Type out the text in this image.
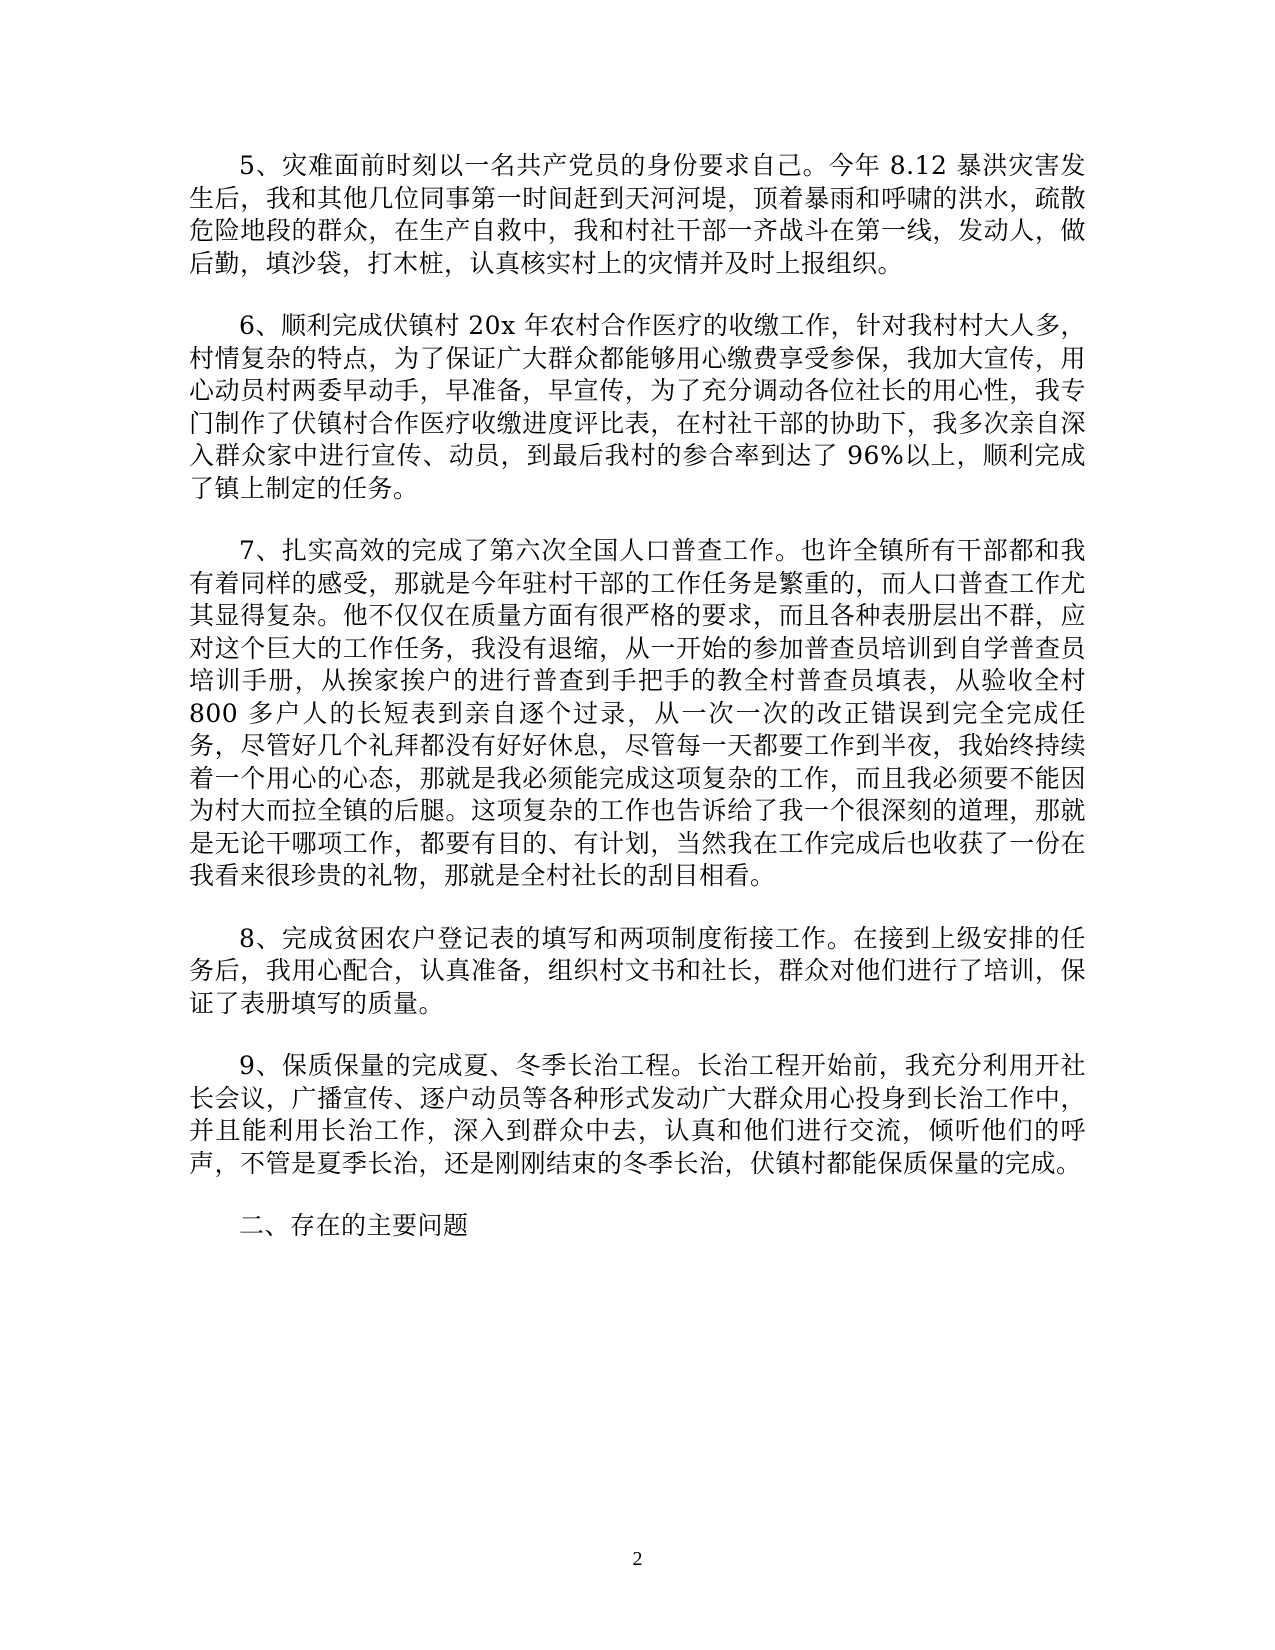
5、灾难面前时刻以一名共产党员的身份要求自己。今年 8.12 暴洪灾害发生后，我和其他几位同事第一时间赶到天河河堤，顶着暴雨和呼啸的洪水，疏散危险地段的群众，在生产自救中，我和村社干部一齐战斗在第一线，发动人，做后勤，填沙袋，打木桩，认真核实村上的灾情并及时上报组织。

6、顺利完成伏镇村 20x 年农村合作医疗的收缴工作，针对我村村大人多，村情复杂的特点，为了保证广大群众都能够用心缴费享受参保，我加大宣传，用心动员村两委早动手，早准备，早宣传，为了充分调动各位社长的用心性，我专门制作了伏镇村合作医疗收缴进度评比表，在村社干部的协助下，我多次亲自深入群众家中进行宣传、动员，到最后我村的参合率到达了 96%以上，顺利完成了镇上制定的任务。

7、扎实高效的完成了第六次全国人口普查工作。也许全镇所有干部都和我有着同样的感受，那就是今年驻村干部的工作任务是繁重的，而人口普查工作尤其显得复杂。他不仅仅在质量方面有很严格的要求，而且各种表册层出不群，应对这个巨大的工作任务，我没有退缩，从一开始的参加普查员培训到自学普查员培训手册，从挨家挨户的进行普查到手把手的教全村普查员填表，从验收全村 800 多户人的长短表到亲自逐个过录，从一次一次的改正错误到完全完成任务，尽管好几个礼拜都没有好好休息，尽管每一天都要工作到半夜，我始终持续着一个用心的心态，那就是我必须能完成这项复杂的工作，而且我必须要不能因为村大而拉全镇的后腿。这项复杂的工作也告诉给了我一个很深刻的道理，那就是无论干哪项工作，都要有目的、有计划，当然我在工作完成后也收获了一份在我看来很珍贵的礼物，那就是全村社长的刮目相看。

8、完成贫困农户登记表的填写和两项制度衔接工作。在接到上级安排的任务后，我用心配合，认真准备，组织村文书和社长，群众对他们进行了培训，保证了表册填写的质量。

9、保质保量的完成夏、冬季长治工程。长治工程开始前，我充分利用开社长会议，广播宣传、逐户动员等各种形式发动广大群众用心投身到长治工作中，并且能利用长治工作，深入到群众中去，认真和他们进行交流，倾听他们的呼声，不管是夏季长治，还是刚刚结束的冬季长治，伏镇村都能保质保量的完成。

二、存在的主要问题

2
